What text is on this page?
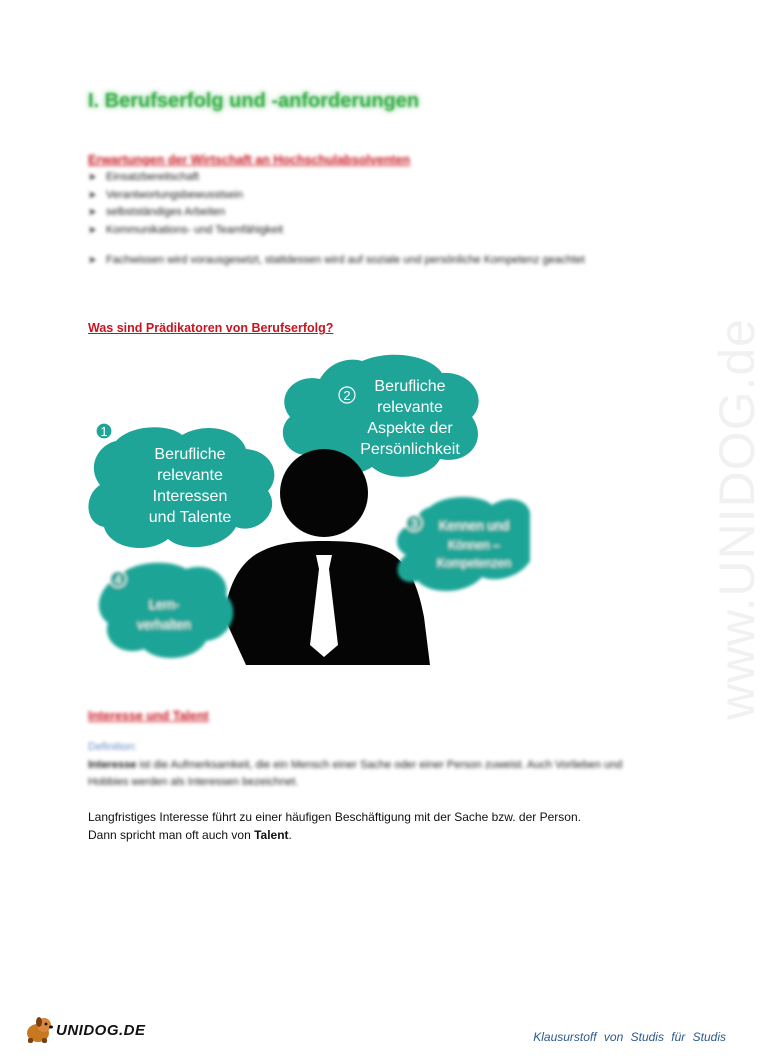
I. Berufserfolg und -anforderungen
Erwartungen der Wirtschaft an Hochschulabsolventen
➤ Einsatzbereitschaft
➤ Verantwortungsbewusstsein
➤ selbstständiges Arbeiten
➤ Kommunikations- und Teamfähigkeit
➤ Fachwissen wird vorausgesetzt, stattdessen wird auf soziale und persönliche Kompetenz geachtet
Was sind Prädikatoren von Berufserfolg?
2
Berufliche
relevante
Aspekte der
Persönlichkeit
1
Berufliche
relevante
Interessen
und Talente	3 Kennen und
Können –
Kompetenzen
4
Lern-
verhalten
Interesse und Talent
Definition:
Interesse ist die Aufmerksamkeit, die ein Mensch einer Sache oder einer Person zuweist. Auch Vorlieben und Hobbies werden als Interessen bezeichnet.
Langfristiges Interesse führt zu einer häufigen Beschäftigung mit der Sache bzw. der Person.
Dann spricht man oft auch von Talent.
www.UNIDOG.de
UNIDOG.DE	Klausurstoff von Studis für Studis
